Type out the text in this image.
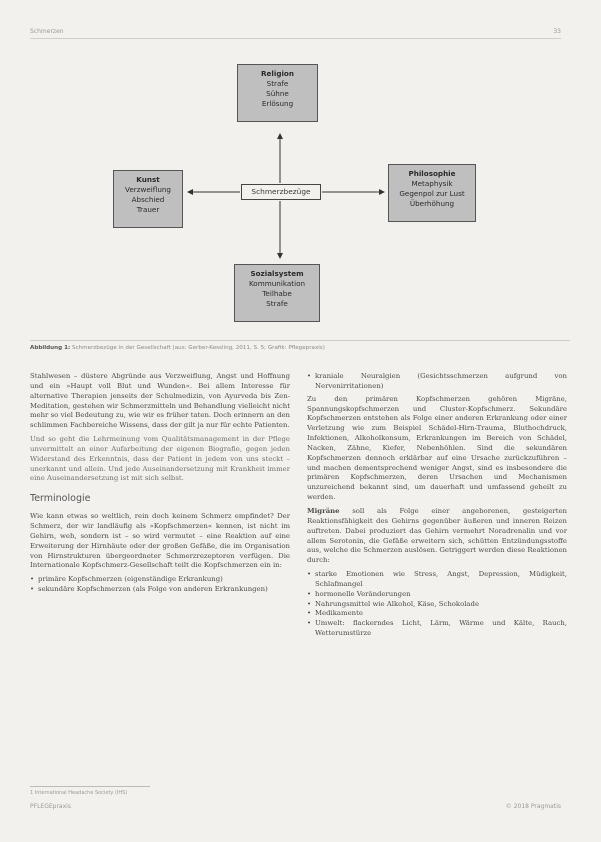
Schmerzen	33
Religion
Strafe
Sühne
Erlösung
Kunst
Verzweiflung
Abschied
Trauer
Philosophie
Metaphysik
Gegenpol zur Lust
Überhöhung
Sozialsystem
Kommunikation
Teilhabe
Strafe
Schmerzbezüge
Abbildung 1: Schmerzbezüge in der Gesellschaft (aus: Gerber-Kessling, 2011, S. 5; Grafik: Pflegepraxis)

Stahlwesen – düstere Abgründe aus Verzweiflung, Angst und Hoffnung und ein »Haupt voll Blut und Wunden«. Bei allem Interesse für alternative Therapien jenseits der Schulmedizin, von Ayurveda bis Zen-Meditation, gestehen wir Schmerzmitteln und Behandlung vielleicht nicht mehr so viel Bedeutung zu, wie wir es früher taten. Doch erinnern an den schlimmen Fachbereiche Wissens, dass der gilt ja nur für echte Patienten.

Und so geht die Lehrmeinung vom Qualitätsmanagement in der Pflege unvermittelt an einer Aufarbeitung der eigenen Biografie, gegen jeden Widerstand des Erkenntnis, dass der Patient in jedem von uns steckt – unerkannt und allein. Und jede Auseinandersetzung mit Krankheit immer eine Auseinandersetzung ist mit sich selbst.

Terminologie

Wie kann etwas so weltlich, rein doch keinem Schmerz empfindet? Der Schmerz, der wir landläufig als »Kopfschmerzen« kennen, ist nicht im Gehirn, weh, sondern ist – so wird vermutet – eine Reaktion auf eine Erweiterung der Hirnhäute oder der großen Gefäße, die im Organisation von Hirnstrukturen übergeordneter Schmerzrezeptoren verfügen. Die Internationale Kopfschmerz-Gesellschaft teilt die Kopfschmerzen ein in:

• primäre Kopfschmerzen (eigenständige Erkrankung)
• sekundäre Kopfschmerzen (als Folge von anderen Erkrankungen)
• kraniale Neuralgien (Gesichtsschmerzen aufgrund von Nervenirritationen)

Zu den primären Kopfschmerzen gehören Migräne, Spannungskopfschmerzen und Cluster-Kopfschmerz. Sekundäre Kopfschmerzen entstehen als Folge einer anderen Erkrankung oder einer Verletzung wie zum Beispiel Schädel-Hirn-Trauma, Bluthochdruck, Infektionen, Alkoholkonsum, Erkrankungen im Bereich von Schädel, Nacken, Zähne, Kiefer, Nebenhöhlen. Sind die sekundären Kopfschmerzen dennoch erklärbar auf eine Ursache zurückzuführen – und machen dementsprechend weniger Angst, sind es insbesondere die primären Kopfschmerzen, deren Ursachen und Mechanismen unzureichend bekannt sind, um dauerhaft und umfassend geheilt zu werden.

Migräne soll als Folge einer angeborenen, gesteigerten Reaktionsfähigkeit des Gehirns gegenüber äußeren und inneren Reizen auftreten. Dabei produziert das Gehirn vermehrt Noradrenalin und vor allem Serotonin, die Gefäße erweitern sich, schütten Entzündungsstoffe aus, welche die Schmerzen auslösen. Getriggert werden diese Reaktionen durch:

• starke Emotionen wie Stress, Angst, Depression, Müdigkeit, Schlafmangel
• hormonelle Veränderungen
• Nahrungsmittel wie Alkohol, Käse, Schokolade
• Medikamente
• Umwelt: flackerndes Licht, Lärm, Wärme und Kälte, Rauch, Wetterumstürze
1 International Headache Society (IHS)
PFLEGEpraxis	© 2018 Pragmatis
